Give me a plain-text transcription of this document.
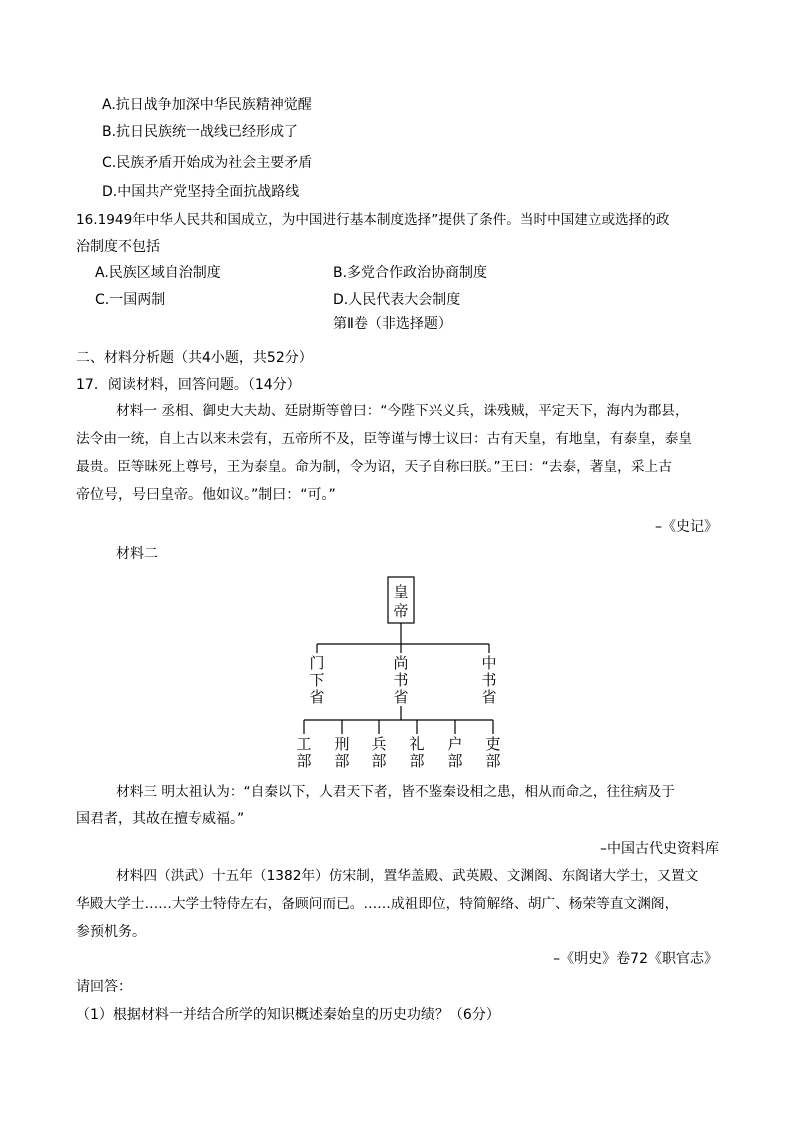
A.抗日战争加深中华民族精神觉醒
B.抗日民族统一战线已经形成了
C.民族矛盾开始成为社会主要矛盾
D.中国共产党坚持全面抗战路线
16.1949年中华人民共和国成立，为中国进行基本制度选择”提供了条件。当时中国建立或选择的政
治制度不包括
A.民族区域自治制度	B.多党合作政治协商制度
C.一国两制	D.人民代表大会制度
第Ⅱ卷（非选择题）
二、材料分析题（共4小题，共52分）
17．阅读材料，回答问题。（14分）
材料一 丞相、御史大夫劫、廷尉斯等曾曰：“今陛下兴义兵，诛残贼，平定天下，海内为郡县，
法令由一统，自上古以来未尝有，五帝所不及，臣等谨与博士议曰：古有天皇，有地皇，有泰皇，泰皇
最贵。臣等昧死上尊号，王为泰皇。命为制，令为诏，天子自称曰朕。”王曰：“去泰，著皇，采上古
帝位号，号曰皇帝。他如议。”制曰：“可。”
–《史记》
材料二
皇
帝
门
下
省
尚
书
省
中
书
省
工
部
刑
部
兵
部
礼
部
户
部
吏
部
材料三 明太祖认为：“自秦以下，人君天下者，皆不鉴秦设相之患，相从而命之，往往病及于
国君者，其故在擅专威福。”
–中国古代史资料库
材料四（洪武）十五年（1382年）仿宋制，置华盖殿、武英殿、文渊阁、东阁诸大学士，又置文
华殿大学士……大学士特侍左右，备顾问而已。……成祖即位，特简解络、胡广、杨荣等直文渊阁，
参预机务。
–《明史》卷72《职官志》
请回答：
（1）根据材料一并结合所学的知识概述秦始皇的历史功绩？（6分）
